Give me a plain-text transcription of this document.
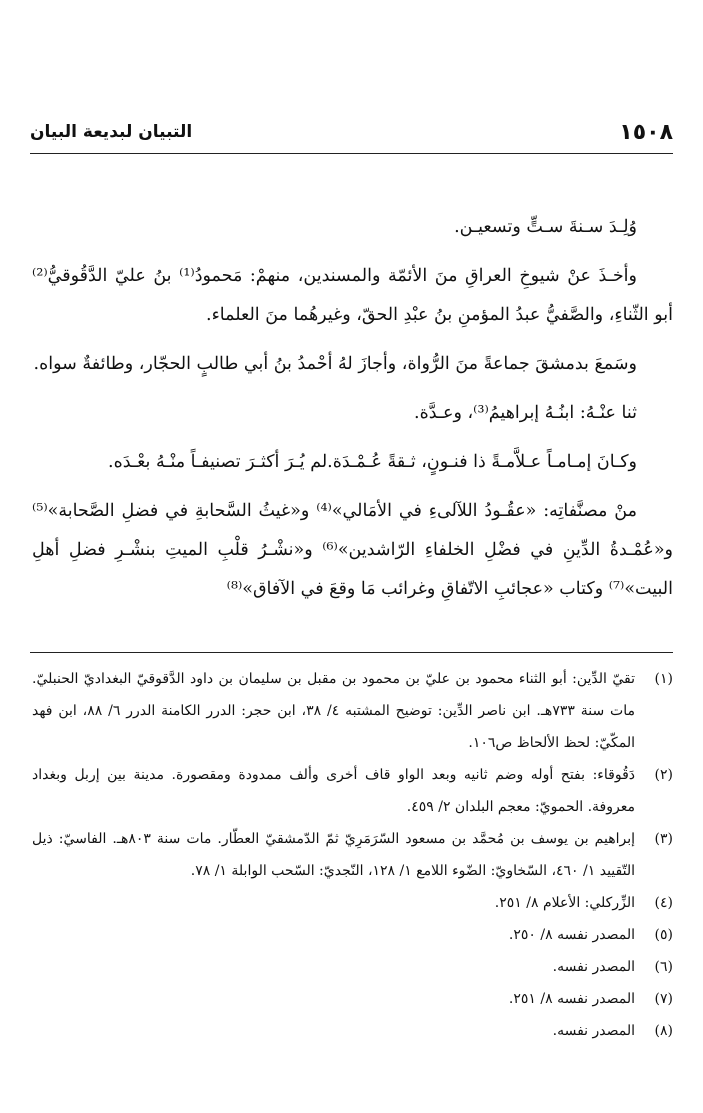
التبيان لبديعة البيان	١٥٠٨

وُلِـدَ سـنةَ سـتٍّ وتسعيـن.

وأخـذَ عنْ شيوخِ العراقِ منَ الأئمّة والمسندين، منهمْ: مَحمودُ⁽¹⁾ بنُ عليّ الدَّقُوقيُّ⁽²⁾ أبو الثّناءِ، والصَّفيُّ عبدُ المؤمنِ بنُ عبْدِ الحقّ، وغيرهُما منَ العلماء.

وسَمعَ بدمشقَ جماعةً منَ الرُّواة، وأجازَ لهُ أحْمدُ بنُ أبي طالبٍ الحجّار، وطائفةٌ سواه.

ثنا عنْـهُ: ابنُـهُ إبراهيمُ⁽³⁾، وعـدَّة.

وكـانَ إمـامـاً عـلاَّمـةً ذا فنـونٍ، ثـقةً عُـمْـدَة.لم يُـرَ أكثـرَ تصنيفـاً منْـهُ بعْـدَه.

منْ مصنَّفاتِه: «عقُـودُ اللآلىءِ في الأمَالي»⁽⁴⁾ و«غيثُ السَّحابةِ في فضلِ الصَّحابة»⁽⁵⁾ و«عُمْـدةُ الدِّينِ في فضْلِ الخلفاءِ الرّاشدين»⁽⁶⁾ و«نشْـرُ قلْبِ الميتِ بنشْـرِ فضلِ أهلِ البيت»⁽⁷⁾ وكتاب «عجائبِ الاتّفاقِ وغرائب مَا وقعَ في الآفاق»⁽⁸⁾

(١)
تقيّ الدِّين: أبو الثناء محمود بن عليّ بن محمود بن مقبل بن سليمان بن داود الدَّقوقيّ البغداديّ الحنبليّ. مات سنة ٧٣٣هـ. ابن ناصر الدِّين: توضيح المشتبه ٤/ ٣٨، ابن حجر: الدرر الكامنة الدرر ٦/ ٨٨، ابن فهد المكّيّ: لحظ الألحاظ ص١٠٦.
(٢)
دَقُوقاء: بفتح أوله وضم ثانيه وبعد الواو قاف أخرى وألف ممدودة ومقصورة. مدينة بين إربل وبغداد معروفة. الحمويّ: معجم البلدان ٢/ ٤٥٩.
(٣)
إبراهيم بن يوسف بن مُحمَّد بن مسعود السّرَمَرِيّ ثمّ الدّمشقيّ العطّار. مات سنة ٨٠٣هـ. الفاسيّ: ذيل التّقييد ١/ ٤٦٠، السّخاويّ: الضّوء اللامع ١/ ١٢٨، النّجديّ: السّحب الوابلة ١/ ٧٨.
(٤)
الزِّركلي: الأعلام ٨/ ٢٥١.
(٥)
المصدر نفسه ٨/ ٢٥٠.
(٦)
المصدر نفسه.
(٧)
المصدر نفسه ٨/ ٢٥١.
(٨)
المصدر نفسه.
